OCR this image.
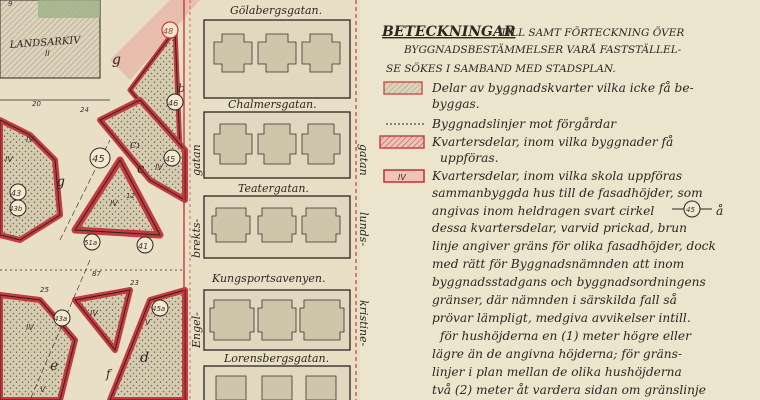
LANDSARKIV
g
c
g
d
e	f
c₁
b
48
46
45	45
43
41
43b
43a
45a
51a
II
IV
IV
IV
IV
IV
IV
V
V
20
12
24
25
23
9
87
Gölabergsgatan.
Chalmersgatan.
Teatergatan.
Kungsportsavenyen.
Lorensbergsgatan.
Engel-
brekts-
gatan	gatan
lunds-
kristine-
BETECKNINGAR
TILL SAMT FÖRTECKNING ÖVER
BYGGNADSBESTÄMMELSER VARÅ FASTSTÄLLEL-
SE SÖKES I SAMBAND MED STADSPLAN.
Delar av byggnadskvarter vilka icke få be-
byggas.
Byggnadslinjer mot förgårdar
Kvartersdelar, inom vilka byggnader få
uppföras.
IV Kvartersdelar, inom vilka skola uppföras
sammanbyggda hus till de fasadhöjder, som
angivas inom heldragen svart cirkel	45 å
dessa kvartersdelar, varvid prickad, brun
linje angiver gräns för olika fasadhöjder, dock
med rätt för Byggnadsnämnden att inom
byggnadsstadgans och byggnadsordningens
gränser, där nämnden i särskilda fall så
prövar lämpligt, medgiva avvikelser intill.
för hushöjderna en (1) meter högre eller
lägre än de angivna höjderna; för gräns-
linjer i plan mellan de olika hushöjderna
två (2) meter åt vardera sidan om gränslinje
